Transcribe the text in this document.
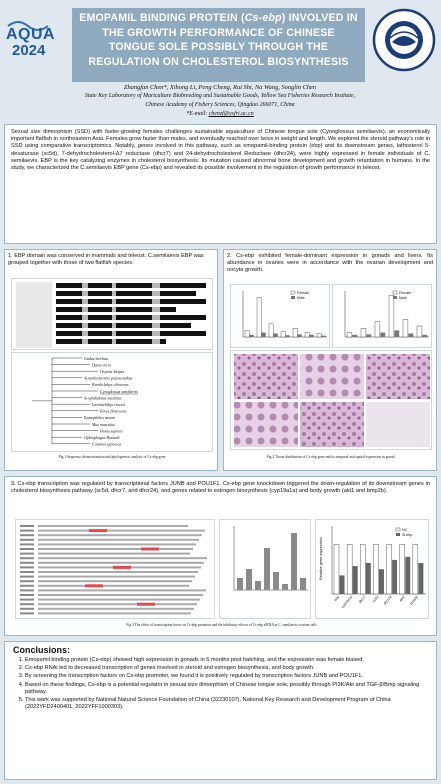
AQUA
2024
EMOPAMIL BINDING PROTEIN (Cs-ebp) INVOLVED IN
THE GROWTH PERFORMANCE OF CHINESE
TONGUE SOLE POSSIBLY THROUGH THE
REGULATION ON CHOLESTEROL BIOSYNTHESIS
Zhangfan Chen*, Xihong Li, Peng Cheng, Rui Shi, Na Wang, Songlin Chen
State Key Laboratory of Mariculture Biobreeding and Sustainable Goods, Yellow Sea Fisheries Research Institute,
Chinese Academy of Fishery Sciences, Qingdao 266071, China
*E-mail: chenzf@ysfri.ac.cn
Sexual size dimorphism (SSD) with faster-growing females challenges sustainable aquaculture of Chinese tongue sole (Cynoglossus semilaevis), an economically important flatfish in northeastern Asia. Females grow faster than males, and eventually reached over twice in weight and length. We explored the steroid pathway's role in SSD using comparative transcriptomics. Notably, genes involved in this pathway, such as emopamil-binding protein (ebp) and its downstream genes, lathosterol 5-desaturase (sc5d), 7-dehydrocholesterol-Δ7 reductase (dhcr7) and 24-dehydrocholesterol Reductase (dhcr24), were highly expressed in female individuals of C. semilaevis. EBP is the key catalyzing enzymes in cholesterol biosynthesis. Its mutation caused abnormal bone development and growth retardation in humans. In the study, we characterized the C.semilaevis EBP gene (Cs-ebp) and revealed its possible involvement in the regulation of growth performance in teleost.
1. EBP domain was conserved in mammals and teleost. C.semilaevis EBP was grouped together with those of two flatfish species.
Gadus morhua
Danio rerio
Oryzias latipes
Acanthochromis polyacanthus
Paralichthys olivaceus
Cynoglossus semilaevis
Scophthalmus maximus
Larimichthys crocea
Perca flavescens
Epinephelus moara
Mus musculus
Homo sapiens
Ophiophagus Hannah
Coturnix japonica
Fig.1 Sequence characterization and phylogenetic analysis of Cs-ebp gene
2. Cs-ebp exhibited female-dominant expression in gonads and livers. Its abundance in ovaries were in accordance with the ovarian development and oocyte growth.
Female
Male
Female
Male
Fig.2 Tissue distribution of Cs-ebp gene and its temporal and spatial expression in gonad.
3. Cs-ebp transcription was regulated by transcriptional factors JUNB and POU1F1. Cs-ebp gene knockdown triggered the down-regulation of its downstream genes in cholesterol biosynthesis pathway (sc5d, dhcr7, and dhcr24), and genes related to estrogen biosynthesis (cyp19a1a) and body growth (akt1 and bmp2b).
Relative gene expression
ebp cyp19a1a dhcr7 sc5d dhcr24 akt1 bmp2b
NC
Si-ebp
Fig.3 The effect of transcription factor on Cs-ebp promoter and the inhibitory effects of Cs-ebp siRNA in C. semilaevis ovarian cells.
Conclusions:
1. Emopamil binding protein (Cs-ebp) showed high expression in gonads in 6 months post hatching, and the expression was female biased.
2. Cs-ebp RNAi led to decreased transcription of genes involved in steroid and estrogen biosynthesis, and body growth.
3. By screening the transcription factors on Cs-ebp promoter, we found it is positively regulated by transcription factors JUNB and POU1F1.
4. Based on these findings, Cs-ebp is a potential regulator in sexual size dimorphism of Chinese tongue sole, possibly through PI3K/Akt and TGF-β/Bmp signaling pathway.
5. This work was supported by National Natural Science Foundation of China (32230107), National Key Research and Development Program of China (2022YFD2400401, 2022YFF1000303).
